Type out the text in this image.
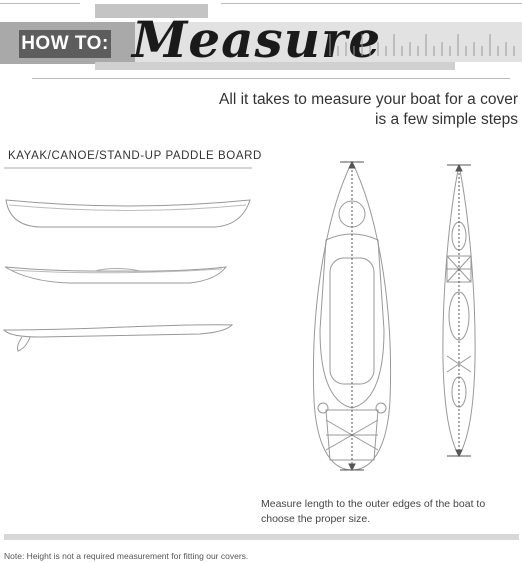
HOW TO: Measure
All it takes to measure your boat for a cover is a few simple steps
KAYAK/CANOE/STAND-UP PADDLE BOARD
Measure length to the outer edges of the boat to choose the proper size.
Note: Height is not a required measurement for fitting our covers.
